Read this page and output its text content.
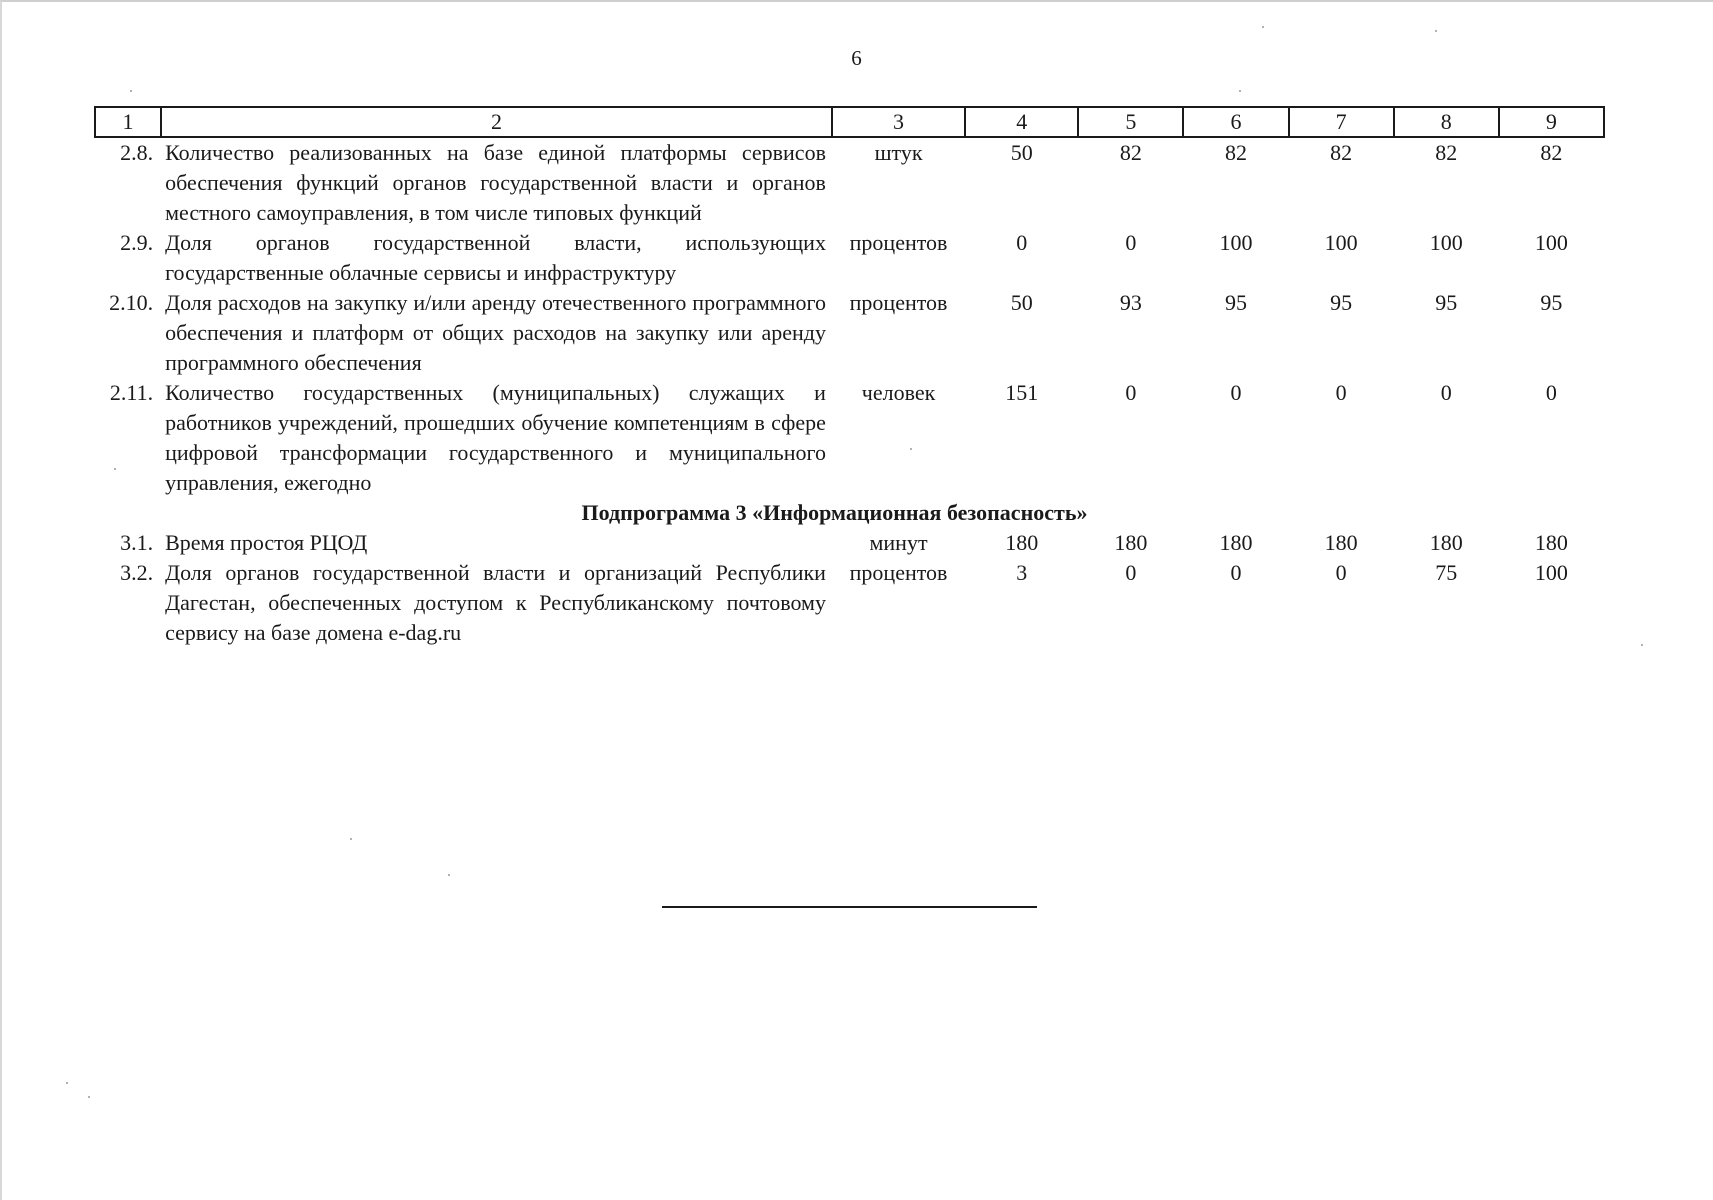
6
1	2	3	4	5	6	7	8	9
2.8.	Количество реализованных на базе единой платформы сервисов обеспечения функций органов государственной власти и органов местного самоуправления, в том числе типовых функций	штук	50	82	82	82	82	82
2.9.	Доля органов государственной власти, использующих государственные облачные сервисы и инфраструктуру	процентов	0	0	100	100	100	100
2.10.	Доля расходов на закупку и/или аренду отечественного программного обеспечения и платформ от общих расходов на закупку или аренду программного обеспечения	процентов	50	93	95	95	95	95
2.11.	Количество государственных (муниципальных) служащих и работников учреждений, прошедших обучение компетенциям в сфере цифровой трансформации государственного и муниципального управления, ежегодно	человек	151	0	0	0	0	0
Подпрограмма 3 «Информационная безопасность»								
3.1.	Время простоя РЦОД	минут	180	180	180	180	180	180
3.2.	Доля органов государственной власти и организаций Республики Дагестан, обеспеченных доступом к Республиканскому почтовому сервису на базе домена e-dag.ru	процентов	3	0	0	0	75	100
